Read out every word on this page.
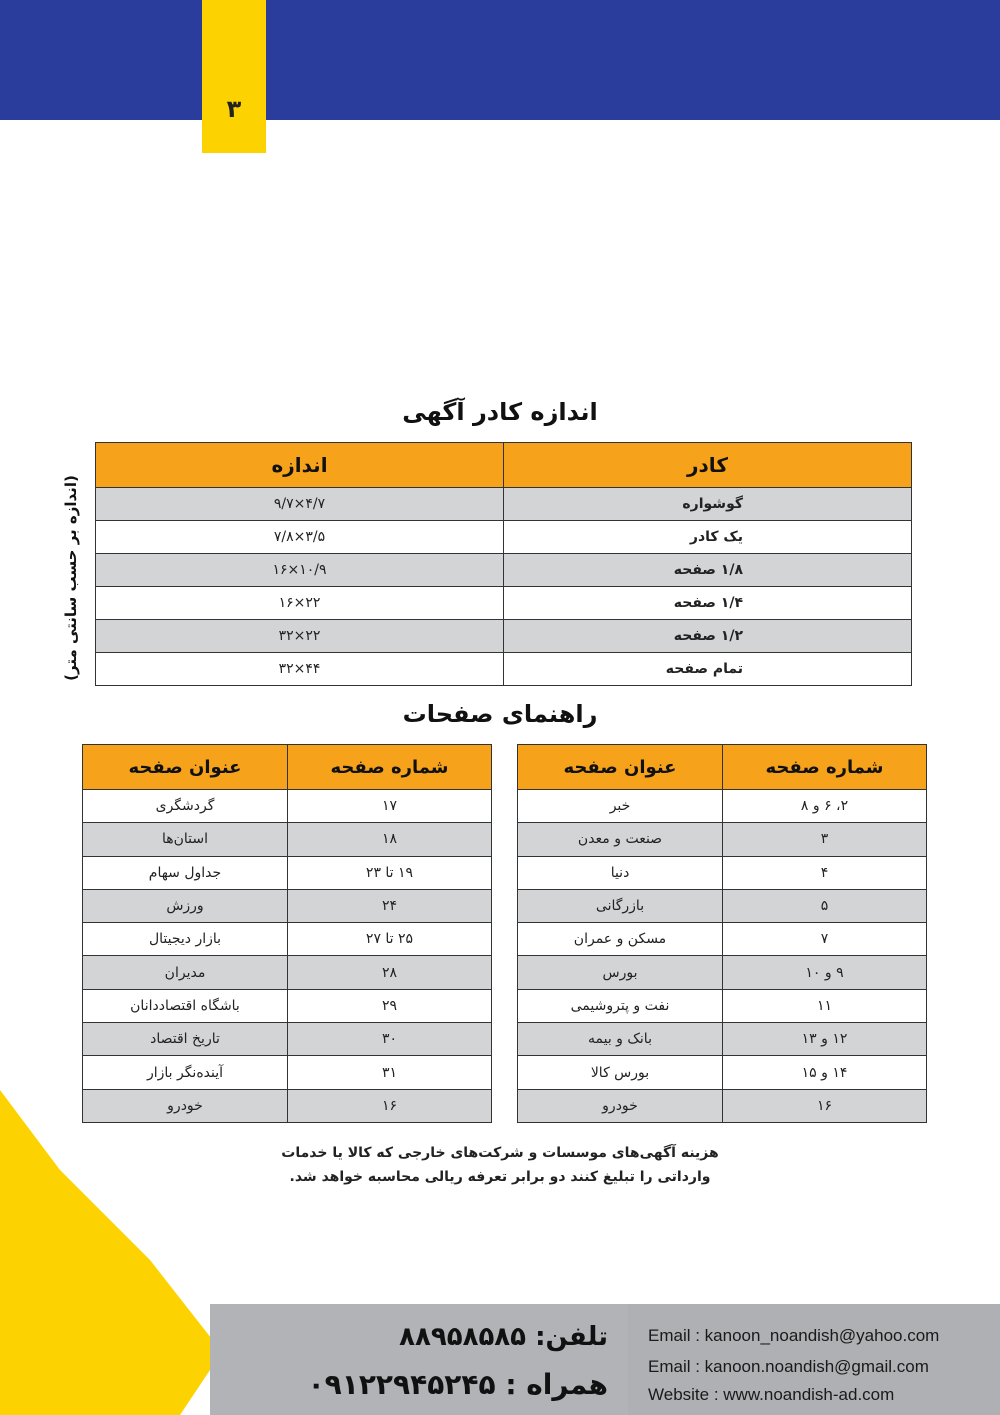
۳
اندازه کادر آگهی
(اندازه بر حسب سانتی متر)
کادر	اندازه
گوشواره	۴/۷×۹/۷
یک کادر	۳/۵×۷/۸
۱/۸ صفحه	۱۰/۹×۱۶
۱/۴ صفحه	۲۲×۱۶
۱/۲ صفحه	۲۲×۳۲
تمام صفحه	۴۴×۳۲
راهنمای صفحات
شماره صفحه	عنوان صفحه
۲، ۶ و ۸	خبر
۳	صنعت و معدن
۴	دنیا
۵	بازرگانی
۷	مسکن و عمران
۹ و ۱۰	بورس
۱۱	نفت و پتروشیمی
۱۲ و ۱۳	بانک و بیمه
۱۴ و ۱۵	بورس کالا
۱۶	خودرو
شماره صفحه	عنوان صفحه
۱۷	گردشگری
۱۸	استان‌ها
۱۹ تا ۲۳	جداول سهام
۲۴	ورزش
۲۵ تا ۲۷	بازار دیجیتال
۲۸	مدیران
۲۹	باشگاه اقتصاددانان
۳۰	تاریخ اقتصاد
۳۱	آینده‌نگر بازار
۱۶	خودرو
هزینه آگهی‌های موسسات و شرکت‌های خارجی که کالا یا خدمات
وارداتی را تبلیغ کنند دو برابر تعرفه ریالی محاسبه خواهد شد.
تلفن: ۸۸۹۵۸۵۸۵
همراه : ۰۹۱۲۲۹۴۵۲۴۵
Email : kanoon_noandish@yahoo.com
Email : kanoon.noandish@gmail.com
Website : www.noandish-ad.com
